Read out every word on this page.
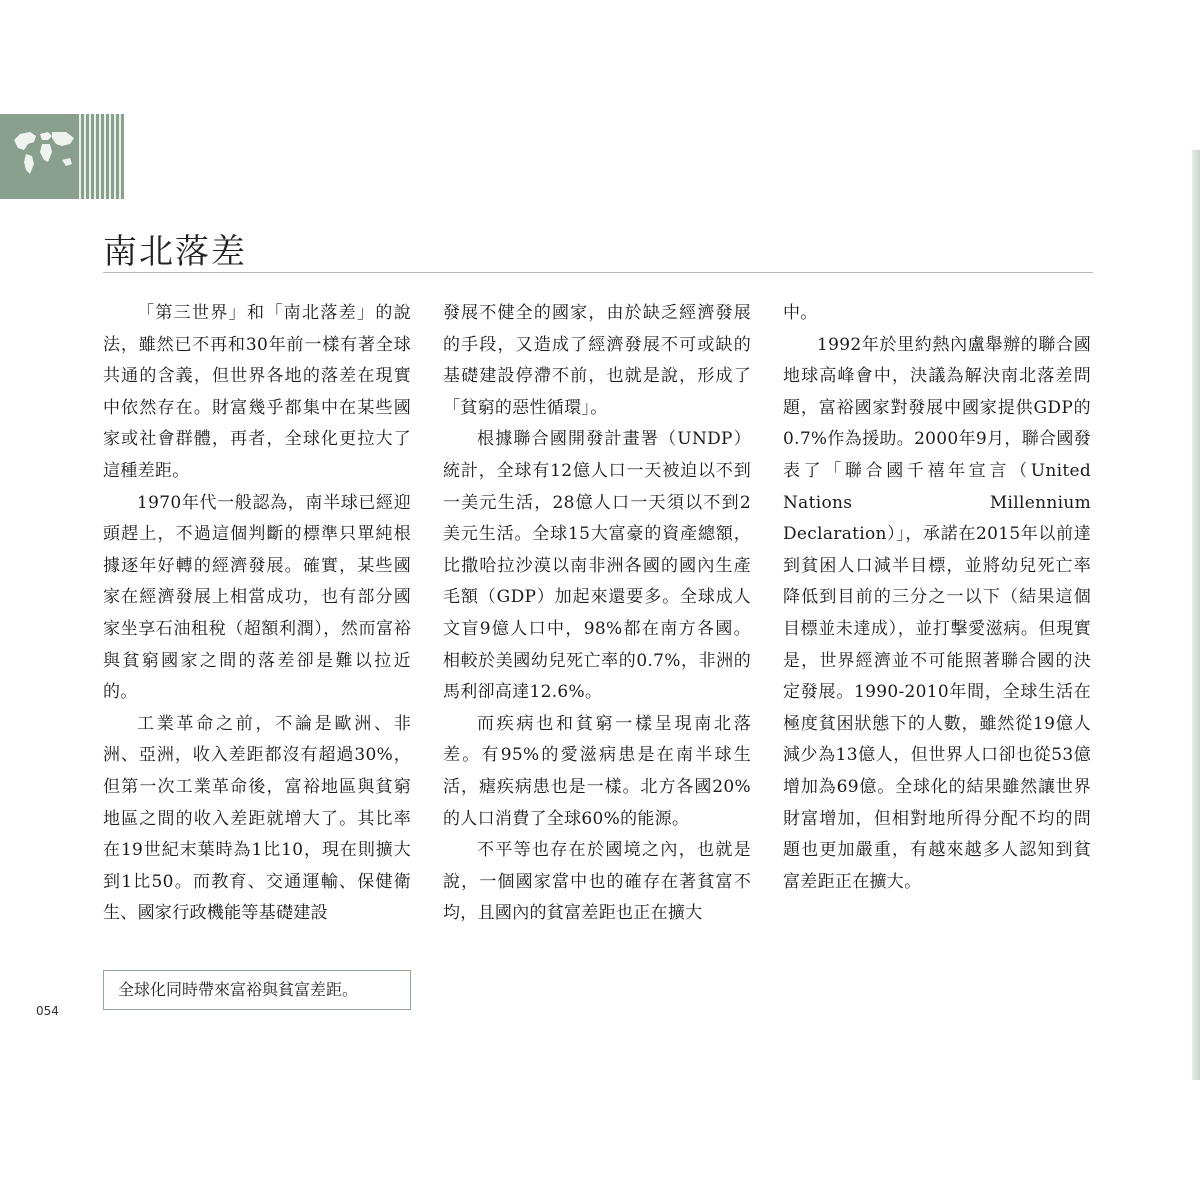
南北落差

「第三世界」和「南北落差」的說法，雖然已不再和30年前一樣有著全球共通的含義，但世界各地的落差在現實中依然存在。財富幾乎都集中在某些國家或社會群體，再者，全球化更拉大了這種差距。

1970年代一般認為，南半球已經迎頭趕上，不過這個判斷的標準只單純根據逐年好轉的經濟發展。確實，某些國家在經濟發展上相當成功，也有部分國家坐享石油租稅（超額利潤），然而富裕與貧窮國家之間的落差卻是難以拉近的。

工業革命之前，不論是歐洲、非洲、亞洲，收入差距都沒有超過30%，但第一次工業革命後，富裕地區與貧窮地區之間的收入差距就增大了。其比率在19世紀末葉時為1比10，現在則擴大到1比50。而教育、交通運輸、保健衛生、國家行政機能等基礎建設

發展不健全的國家，由於缺乏經濟發展的手段，又造成了經濟發展不可或缺的基礎建設停滯不前，也就是說，形成了「貧窮的惡性循環」。

根據聯合國開發計畫署（UNDP）統計，全球有12億人口一天被迫以不到一美元生活，28億人口一天須以不到2美元生活。全球15大富豪的資產總額，比撒哈拉沙漠以南非洲各國的國內生產毛額（GDP）加起來還要多。全球成人文盲9億人口中，98%都在南方各國。相較於美國幼兒死亡率的0.7%，非洲的馬利卻高達12.6%。

而疾病也和貧窮一樣呈現南北落差。有95%的愛滋病患是在南半球生活，瘧疾病患也是一樣。北方各國20%的人口消費了全球60%的能源。

不平等也存在於國境之內，也就是說，一個國家當中也的確存在著貧富不均，且國內的貧富差距也正在擴大

中。

1992年於里約熱內盧舉辦的聯合國地球高峰會中，決議為解決南北落差問題，富裕國家對發展中國家提供GDP的0.7%作為援助。2000年9月，聯合國發表了「聯合國千禧年宣言（United Nations Millennium Declaration）」，承諾在2015年以前達到貧困人口減半目標，並將幼兒死亡率降低到目前的三分之一以下（結果這個目標並未達成），並打擊愛滋病。但現實是，世界經濟並不可能照著聯合國的決定發展。1990-2010年間，全球生活在極度貧困狀態下的人數，雖然從19億人減少為13億人，但世界人口卻也從53億增加為69億。全球化的結果雖然讓世界財富增加，但相對地所得分配不均的問題也更加嚴重，有越來越多人認知到貧富差距正在擴大。

全球化同時帶來富裕與貧富差距。
054
